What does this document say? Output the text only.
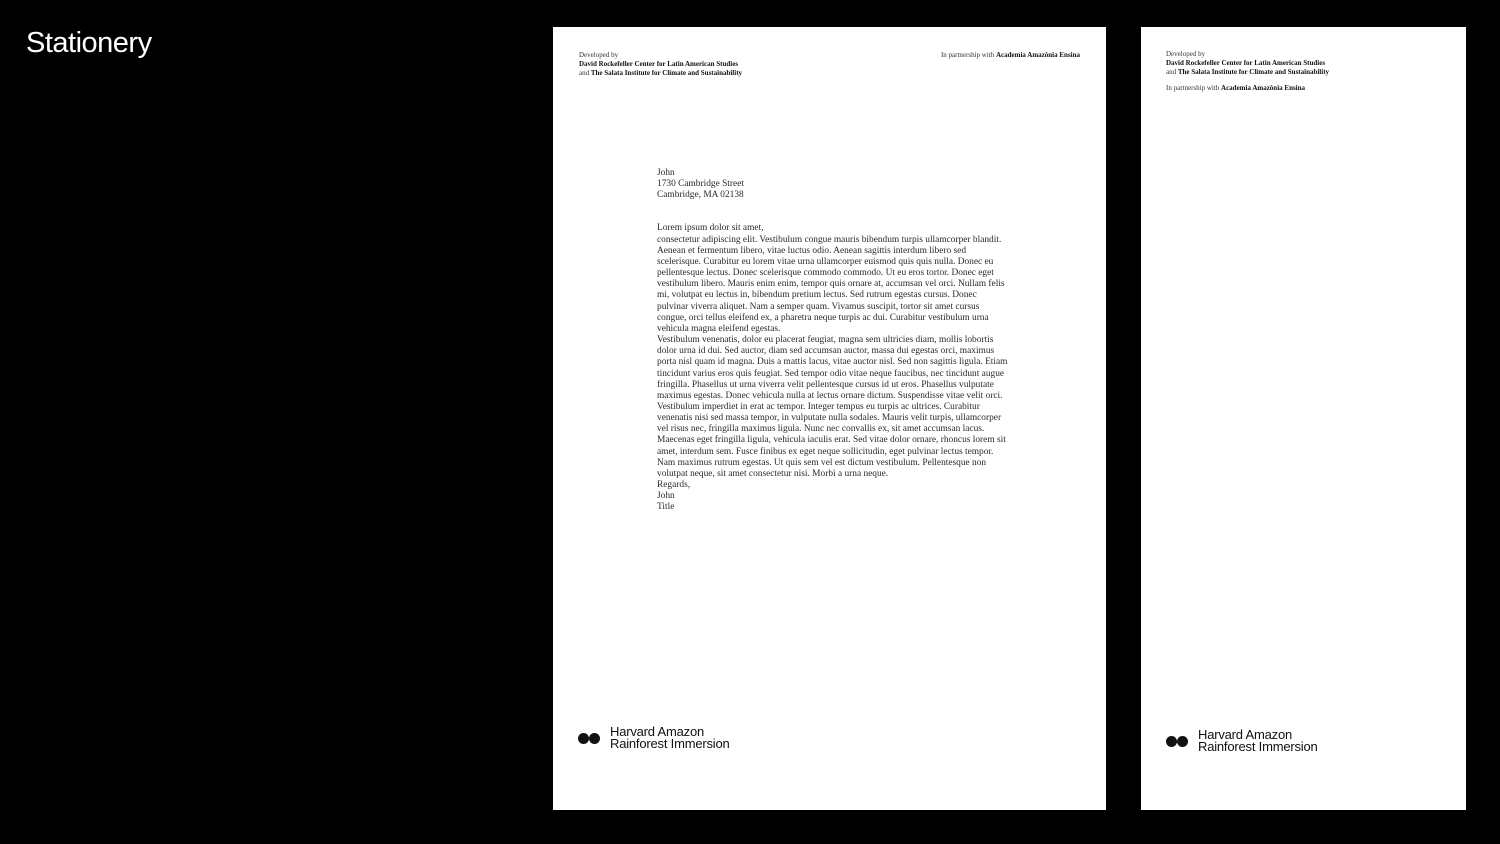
Stationery	Developed by
David Rockefeller Center for Latin American Studies
and The Salata Institute for Climate and Sustainability
In partnership with Academia Amazônia Ensina

John

1730 Cambridge Street

Cambridge, MA 02138

Lorem ipsum dolor sit amet,

consectetur adipiscing elit. Vestibulum congue mauris bibendum turpis ullamcorper blandit. Aenean et fermentum libero, vitae luctus odio. Aenean sagittis interdum libero sed scelerisque. Curabitur eu lorem vitae urna ullamcorper euismod quis quis nulla. Donec eu pellentesque lectus. Donec scelerisque commodo commodo. Ut eu eros tortor. Donec eget vestibulum libero. Mauris enim enim, tempor quis ornare at, accumsan vel orci. Nullam felis mi, volutpat eu lectus in, bibendum pretium lectus. Sed rutrum egestas cursus. Donec pulvinar viverra aliquet. Nam a semper quam. Vivamus suscipit, tortor sit amet cursus congue, orci tellus eleifend ex, a pharetra neque turpis ac dui. Curabitur vestibulum urna vehicula magna eleifend egestas.

Vestibulum venenatis, dolor eu placerat feugiat, magna sem ultricies diam, mollis lobortis dolor urna id dui. Sed auctor, diam sed accumsan auctor, massa dui egestas orci, maximus porta nisl quam id magna. Duis a mattis lacus, vitae auctor nisl. Sed non sagittis ligula. Etiam tincidunt varius eros quis feugiat. Sed tempor odio vitae neque faucibus, nec tincidunt augue fringilla. Phasellus ut urna viverra velit pellentesque cursus id ut eros. Phasellus vulputate maximus egestas. Donec vehicula nulla at lectus ornare dictum. Suspendisse vitae velit orci. Vestibulum imperdiet in erat ac tempor. Integer tempus eu turpis ac ultrices. Curabitur venenatis nisi sed massa tempor, in vulputate nulla sodales. Mauris velit turpis, ullamcorper vel risus nec, fringilla maximus ligula. Nunc nec convallis ex, sit amet accumsan lacus.

Maecenas eget fringilla ligula, vehicula iaculis erat. Sed vitae dolor ornare, rhoncus lorem sit amet, interdum sem. Fusce finibus ex eget neque sollicitudin, eget pulvinar lectus tempor. Nam maximus rutrum egestas. Ut quis sem vel est dictum vestibulum. Pellentesque non volutpat neque, sit amet consectetur nisi. Morbi a urna neque.

Regards,

John

Title

Harvard Amazon
Rainforest Immersion
Developed by
David Rockefeller Center for Latin American Studies
and The Salata Institute for Climate and Sustainability
In partnership with Academia Amazônia Ensina
Harvard Amazon
Rainforest Immersion
